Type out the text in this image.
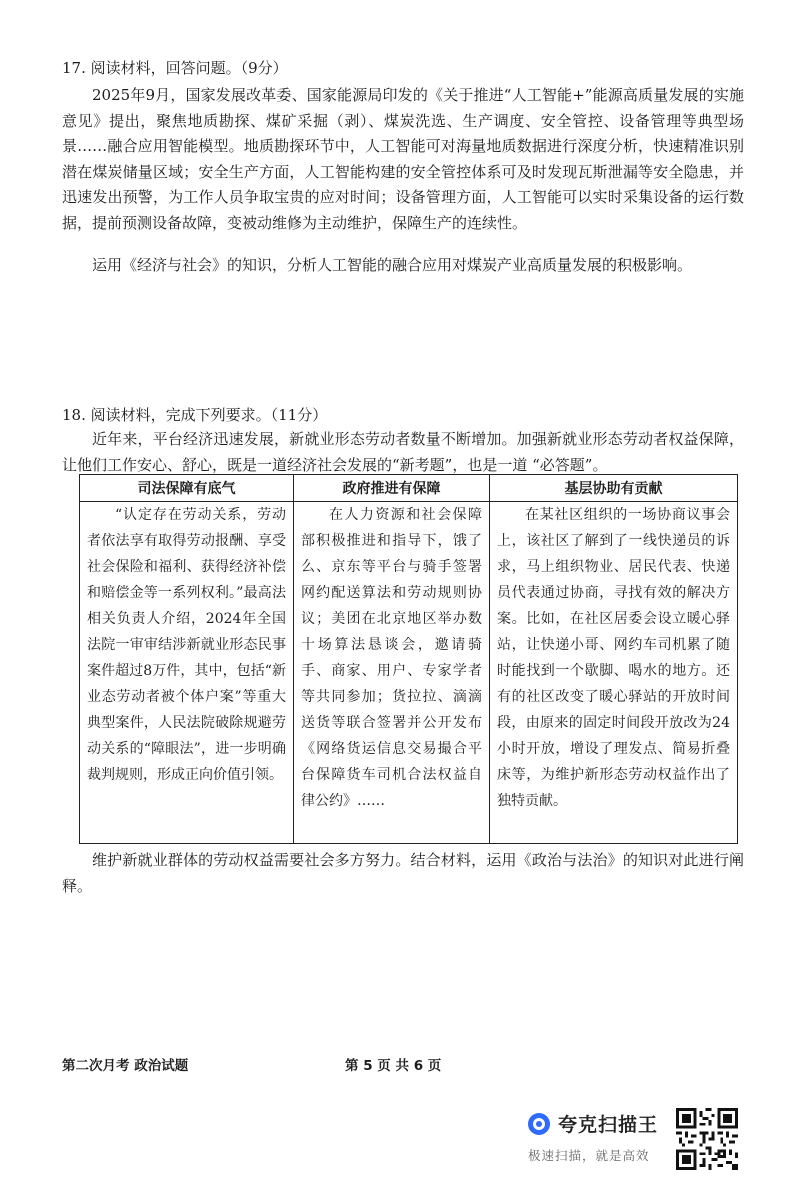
17. 阅读材料，回答问题。（9分）

2025年9月，国家发展改革委、国家能源局印发的《关于推进“人工智能+”能源高质量发展的实施意见》提出，聚焦地质勘探、煤矿采掘（剥）、煤炭洗选、生产调度、安全管控、设备管理等典型场景……融合应用智能模型。地质勘探环节中，人工智能可对海量地质数据进行深度分析，快速精准识别潜在煤炭储量区域；安全生产方面，人工智能构建的安全管控体系可及时发现瓦斯泄漏等安全隐患，并迅速发出预警，为工作人员争取宝贵的应对时间；设备管理方面，人工智能可以实时采集设备的运行数据，提前预测设备故障，变被动维修为主动维护，保障生产的连续性。

运用《经济与社会》的知识，分析人工智能的融合应用对煤炭产业高质量发展的积极影响。

18. 阅读材料，完成下列要求。（11分）

近年来，平台经济迅速发展，新就业形态劳动者数量不断增加。加强新就业形态劳动者权益保障，让他们工作安心、舒心，既是一道经济社会发展的“新考题”，也是一道 “必答题”。

司法保障有底气	政府推进有保障	基层协助有贡献
“认定存在劳动关系，劳动者依法享有取得劳动报酬、享受社会保险和福利、获得经济补偿和赔偿金等一系列权利。”最高法相关负责人介绍，2024年全国法院一审审结涉新就业形态民事案件超过8万件，其中，包括“新业态劳动者被个体户案”等重大典型案件，人民法院破除规避劳动关系的“障眼法”，进一步明确裁判规则，形成正向价值引领。	在人力资源和社会保障部积极推进和指导下，饿了么、京东等平台与骑手签署网约配送算法和劳动规则协议；美团在北京地区举办数十场算法恳谈会，邀请骑手、商家、用户、专家学者等共同参加；货拉拉、滴滴送货等联合签署并公开发布《网络货运信息交易撮合平台保障货车司机合法权益自律公约》……	在某社区组织的一场协商议事会上，该社区了解到了一线快递员的诉求，马上组织物业、居民代表、快递员代表通过协商，寻找有效的解决方案。比如，在社区居委会设立暖心驿站，让快递小哥、网约车司机累了随时能找到一个歇脚、喝水的地方。还有的社区改变了暖心驿站的开放时间段，由原来的固定时间段开放改为24小时开放，增设了理发点、简易折叠床等，为维护新形态劳动权益作出了独特贡献。

维护新就业群体的劳动权益需要社会多方努力。结合材料，运用《政治与法治》的知识对此进行阐释。

第二次月考 政治试题	第 5 页 共 6 页
夸克扫描王
极速扫描，就是高效
